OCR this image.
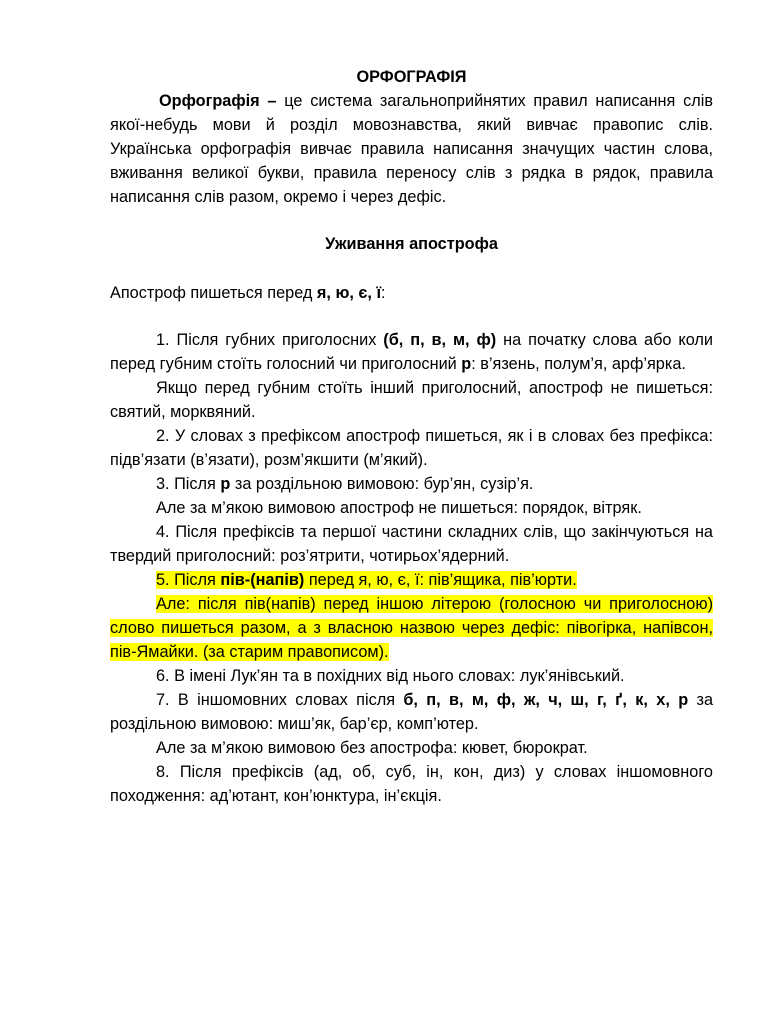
ОРФОГРАФІЯ

Орфографія – це система загальноприйнятих правил написання слів якої-небудь мови й розділ мовознавства, який вивчає правопис слів. Українська орфографія вивчає правила написання значущих частин слова, вживання великої букви, правила переносу слів з рядка в рядок, правила написання слів разом, окремо і через дефіс.

Уживання апострофа

Апостроф пишеться перед я, ю, є, ї:

1. Після губних приголосних (б, п, в, м, ф) на початку слова або коли перед губним стоїть голосний чи приголосний р: в’язень, полум’я, арф’ярка.

Якщо перед губним стоїть інший приголосний, апостроф не пишеться: святий, морквяний.

2. У словах з префіксом апостроф пишеться, як і в словах без префікса: підв’язати (в’язати), розм’якшити (м’який).

3. Після р за роздільною вимовою: бур’ян, сузір’я.

Але за м’якою вимовою апостроф не пишеться: порядок, вітряк.

4. Після префіксів та першої частини складних слів, що закінчуються на твердий приголосний: роз’ятрити, чотирьох’ядерний.

5. Після пів-(напів) перед я, ю, є, ї: пів’ящика, пів’юрти.

Але: після пів(напів) перед іншою літерою (голосною чи приголосною) слово пишеться разом, а з власною назвою через дефіс: півогірка, напівсон, пів-Ямайки. (за старим правописом).

6. В імені Лук’ян та в похідних від нього словах: лук’янівський.

7. В іншомовних словах після б, п, в, м, ф, ж, ч, ш, г, ґ, к, х, р за роздільною вимовою: миш’як, бар’єр, комп’ютер.

Але за м’якою вимовою без апострофа: кювет, бюрократ.

8. Після префіксів (ад, об, суб, ін, кон, диз) у словах іншомовного походження: ад’ютант, кон’юнктура, ін’єкція.
